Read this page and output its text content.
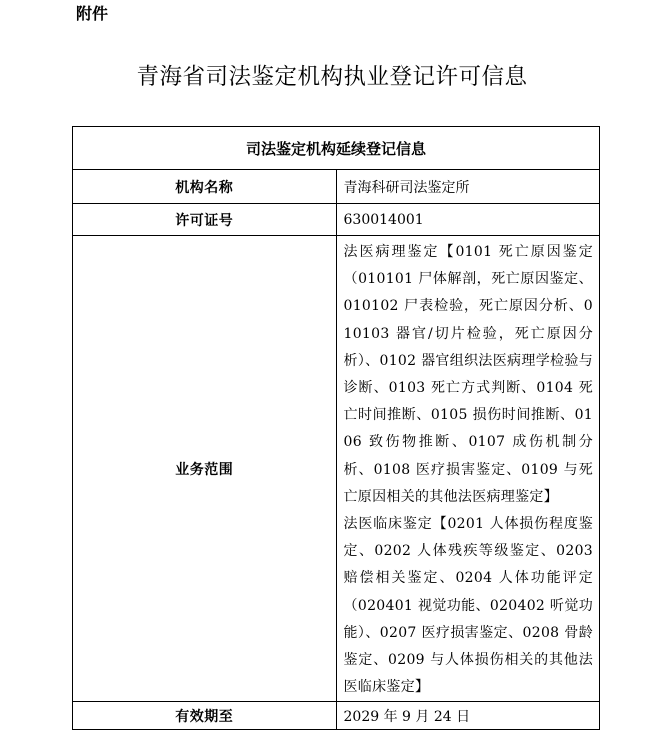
附件
青海省司法鉴定机构执业登记许可信息
司法鉴定机构延续登记信息	
机构名称	青海科研司法鉴定所
许可证号	630014001
业务范围	法医病理鉴定【0101 死亡原因鉴定（010101 尸体解剖，死亡原因鉴定、010102 尸表检验，死亡原因分析、010103 器官/切片检验，死亡原因分析）、0102 器官组织法医病理学检验与诊断、0103 死亡方式判断、0104 死亡时间推断、0105 损伤时间推断、0106 致伤物推断、0107 成伤机制分析、0108 医疗损害鉴定、0109 与死亡原因相关的其他法医病理鉴定】

法医临床鉴定【0201 人体损伤程度鉴定、0202 人体残疾等级鉴定、0203 赔偿相关鉴定、0204 人体功能评定（020401 视觉功能、020402 听觉功能）、0207 医疗损害鉴定、0208 骨龄鉴定、0209 与人体损伤相关的其他法医临床鉴定】

有效期至	2029 年 9 月 24 日
